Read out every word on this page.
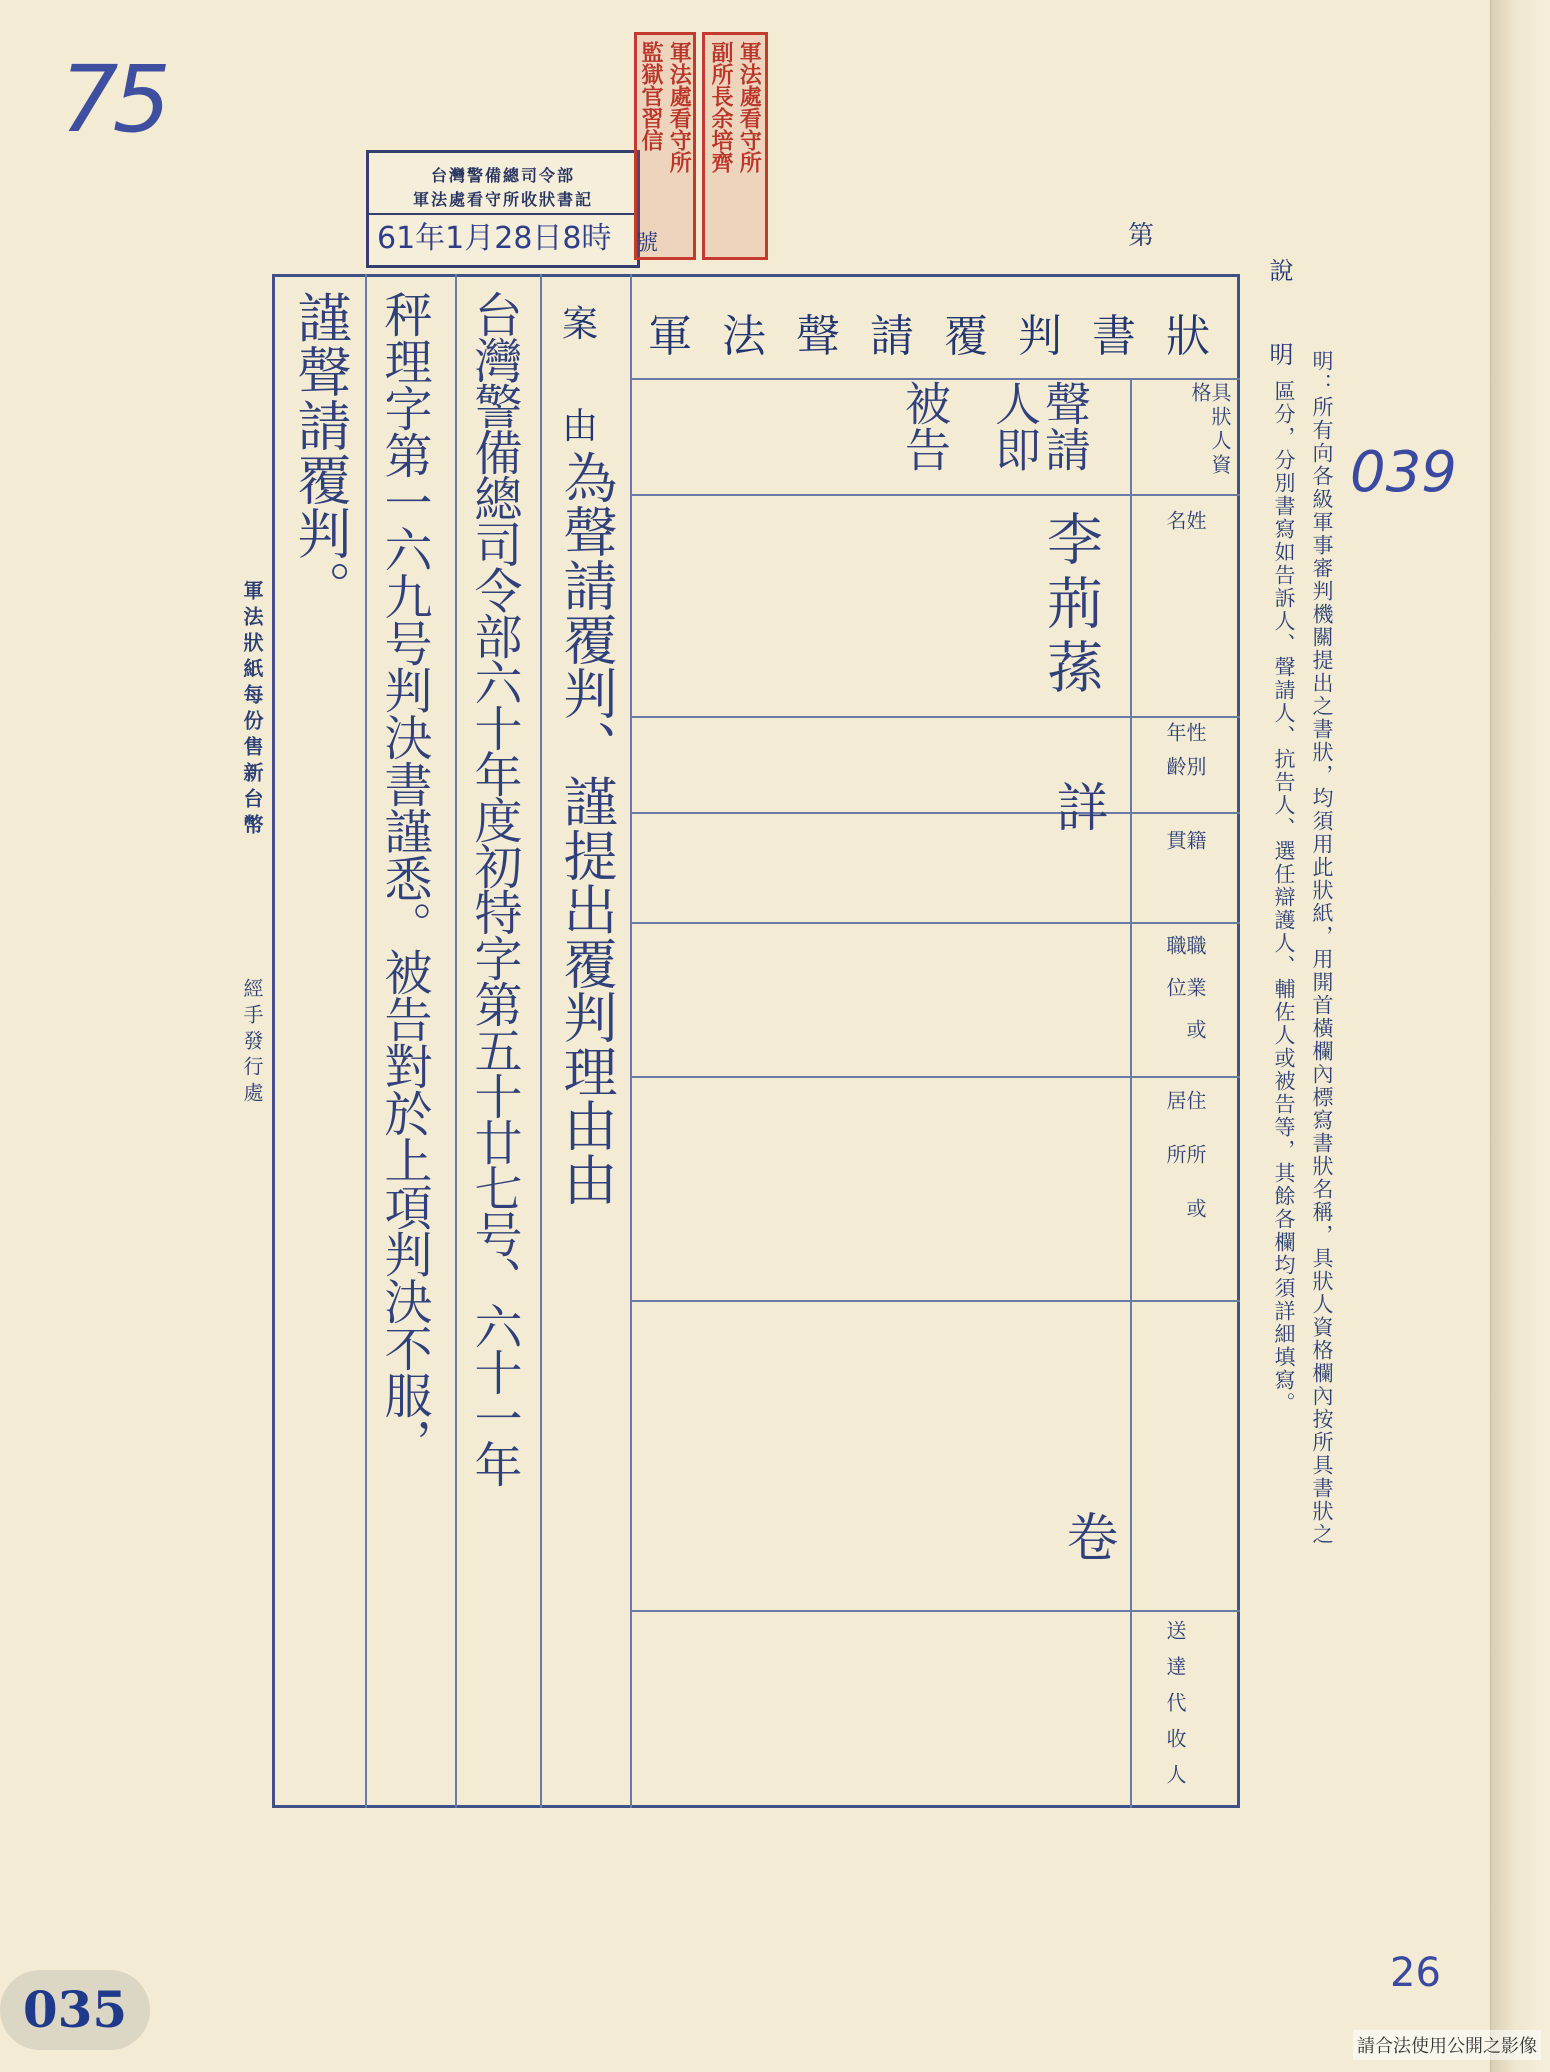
75
台灣警備總司令部
軍法處看守所收狀書記
61年1月28日8時
監獄官習信 軍法處看守所 副所長余培齊 軍法處看守所
號	第
軍法聲請覆判書狀
案
由	具狀人資格
姓名
性別年齡
籍貫
職業或職位
住所或居所
送達代收人
聲請
人即
被告
李荊蓀
詳
卷
為聲請覆判、謹提出覆判理由由
台灣警備總司令部六十年度初特字第五十廿七号、六十一年
秤理字第一六九号判決書謹悉。被告對於上項判決不服，
謹聲請覆判。
軍法狀紙每份售新台幣
經手發行處
說明
明：所有向各級軍事審判機關提出之書狀，均須用此狀紙，用開首橫欄內標寫書狀名稱，具狀人資格欄內按所具書狀之
區分，分別書寫如告訴人、聲請人、抗告人、選任辯護人、輔佐人或被告等，其餘各欄均須詳細填寫。 039
26
035
請合法使用公開之影像
